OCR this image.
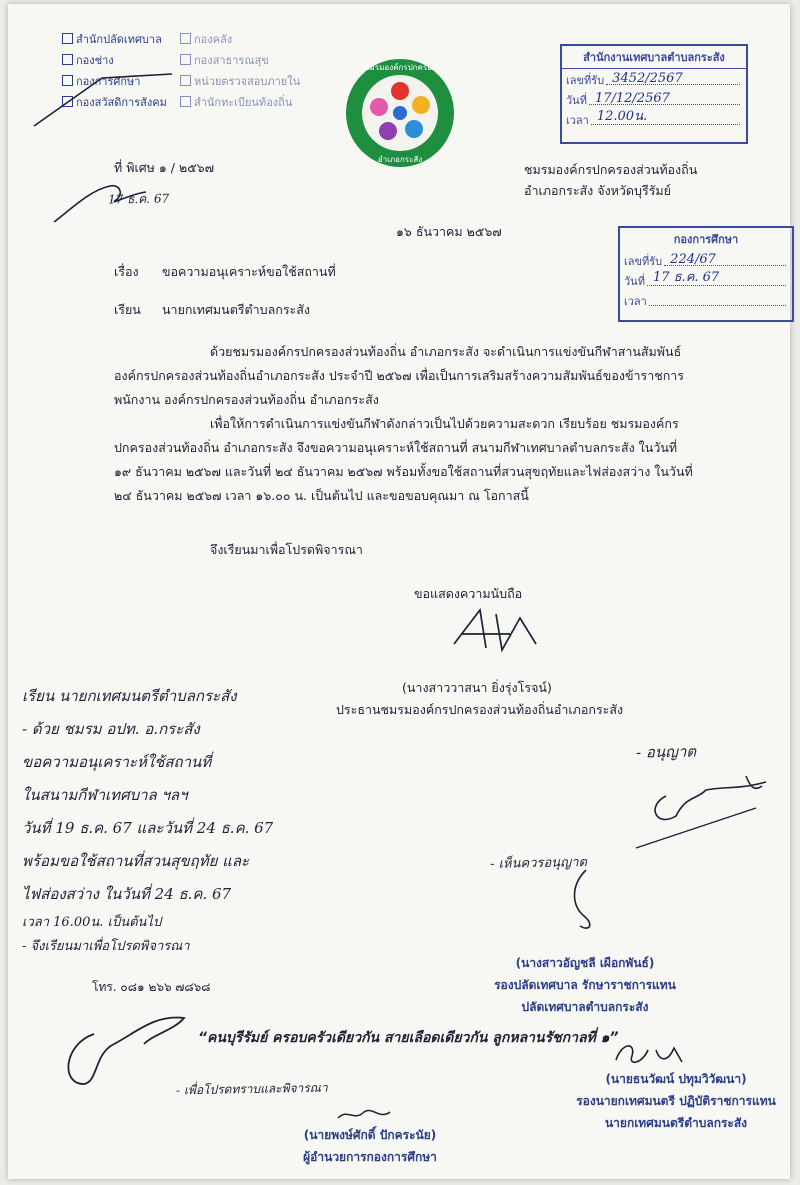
สำนักปลัดเทศบาล
กองช่าง
กองการศึกษา
กองสวัสดิการสังคม
กองคลัง
กองสาธารณสุข
หน่วยตรวจสอบภายใน
สำนักทะเบียนท้องถิ่น
ชมรมองค์กรปกครอง
อำเภอกระสัง
สำนักงานเทศบาลตำบลกระสัง
เลขที่รับ 3452/2567
วันที่ 17/12/2567
เวลา 12.00น.
ที่ พิเศษ ๑ / ๒๕๖๗
17 ธ.ค. 67
ชมรมองค์กรปกครองส่วนท้องถิ่น
อำเภอกระสัง จังหวัดบุรีรัมย์
๑๖ ธันวาคม ๒๕๖๗
กองการศึกษา
เลขที่รับ 224/67
วันที่ 17 ธ.ค. 67
เวลา
เรื่อง ขอความอนุเคราะห์ขอใช้สถานที่
เรียน นายกเทศมนตรีตำบลกระสัง
ด้วยชมรมองค์กรปกครองส่วนท้องถิ่น อำเภอกระสัง จะดำเนินการแข่งขันกีฬาสานสัมพันธ์
องค์กรปกครองส่วนท้องถิ่นอำเภอกระสัง ประจำปี ๒๕๖๗ เพื่อเป็นการเสริมสร้างความสัมพันธ์ของข้าราชการ
พนักงาน องค์กรปกครองส่วนท้องถิ่น อำเภอกระสัง
เพื่อให้การดำเนินการแข่งขันกีฬาดังกล่าวเป็นไปด้วยความสะดวก เรียบร้อย ชมรมองค์กร
ปกครองส่วนท้องถิ่น อำเภอกระสัง จึงขอความอนุเคราะห์ใช้สถานที่ สนามกีฬาเทศบาลตำบลกระสัง ในวันที่
๑๙ ธันวาคม ๒๕๖๗ และวันที่ ๒๔ ธันวาคม ๒๕๖๗ พร้อมทั้งขอใช้สถานที่สวนสุขฤทัยและไฟส่องสว่าง ในวันที่
๒๔ ธันวาคม ๒๕๖๗ เวลา ๑๖.๐๐ น. เป็นต้นไป และขอขอบคุณมา ณ โอกาสนี้
จึงเรียนมาเพื่อโปรดพิจารณา
ขอแสดงความนับถือ
(นางสาววาสนา ยิ่งรุ่งโรจน์)
ประธานชมรมองค์กรปกครองส่วนท้องถิ่นอำเภอกระสัง
เรียน นายกเทศมนตรีตำบลกระสัง
- ด้วย ชมรม อปท. อ.กระสัง
ขอความอนุเคราะห์ใช้สถานที่
ในสนามกีฬาเทศบาล ฯลฯ
วันที่ 19 ธ.ค. 67 และวันที่ 24 ธ.ค. 67
พร้อมขอใช้สถานที่สวนสุขฤทัย และ
ไฟส่องสว่าง ในวันที่ 24 ธ.ค. 67
เวลา 16.00น. เป็นต้นไป
- จึงเรียนมาเพื่อโปรดพิจารณา
โทร. ๐๘๑ ๒๖๖ ๗๘๖๘
- อนุญาต
- เห็นควรอนุญาต
(นางสาวอัญชลี เผือกพันธ์)
รองปลัดเทศบาล รักษาราชการแทน
ปลัดเทศบาลตำบลกระสัง
“คนบุรีรัมย์ ครอบครัวเดียวกัน สายเลือดเดียวกัน ลูกหลานรัชกาลที่ ๑”
(นายธนวัฒน์ ปทุมวิวัฒนา)
รองนายกเทศมนตรี ปฏิบัติราชการแทน
นายกเทศมนตรีตำบลกระสัง
- เพื่อโปรดทราบและพิจารณา
(นายพงษ์ศักดิ์ ปักคระนัย)
ผู้อำนวยการกองการศึกษา
